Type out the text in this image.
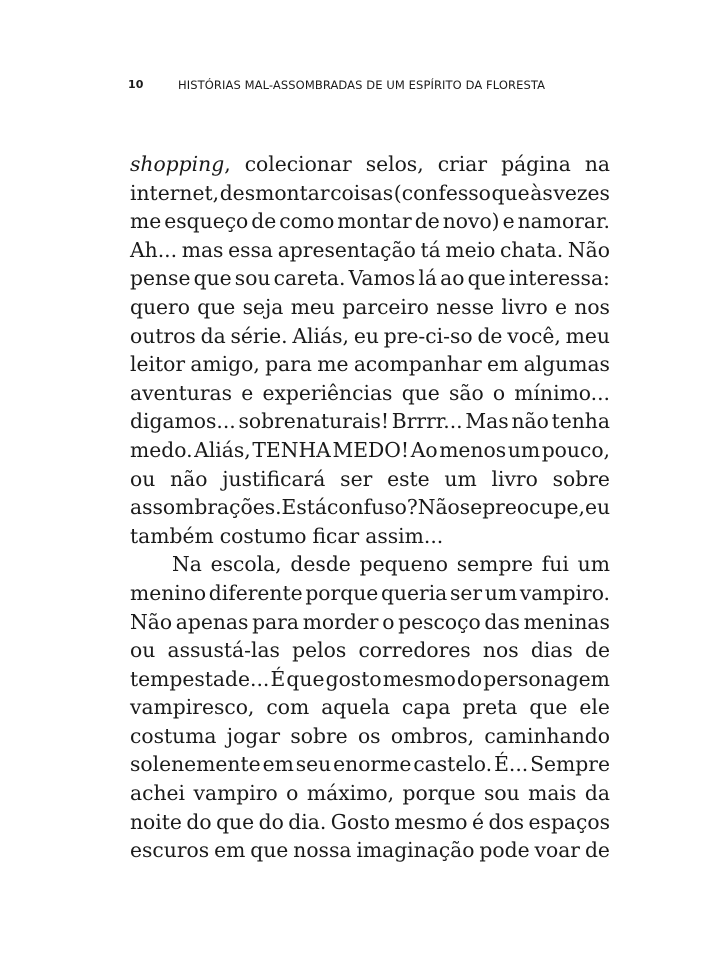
10	HISTÓRIAS MAL-ASSOMBRADAS DE UM ESPÍRITO DA FLORESTA
shopping, colecionar selos, criar página na
internet, desmontar coisas (confesso que às vezes
me esqueço de como montar de novo) e namorar.
Ah... mas essa apresentação tá meio chata. Não
pense que sou careta. Vamos lá ao que interessa:
quero que seja meu parceiro nesse livro e nos
outros da série. Aliás, eu pre-ci-so de você, meu
leitor amigo, para me acompanhar em algumas
aventuras e experiências que são o mínimo...
digamos... sobrenaturais! Brrrr... Mas não tenha
medo. Aliás, TENHA MEDO! Ao menos um pouco,
ou não justificará ser este um livro sobre
assombrações. Está confuso? Não se preocupe, eu
também costumo ficar assim...
Na escola, desde pequeno sempre fui um
menino diferente porque queria ser um vampiro.
Não apenas para morder o pescoço das meninas
ou assustá-las pelos corredores nos dias de
tempestade... É que gosto mesmo do personagem
vampiresco, com aquela capa preta que ele
costuma jogar sobre os ombros, caminhando
solenemente em seu enorme castelo. É... Sempre
achei vampiro o máximo, porque sou mais da
noite do que do dia. Gosto mesmo é dos espaços
escuros em que nossa imaginação pode voar de
